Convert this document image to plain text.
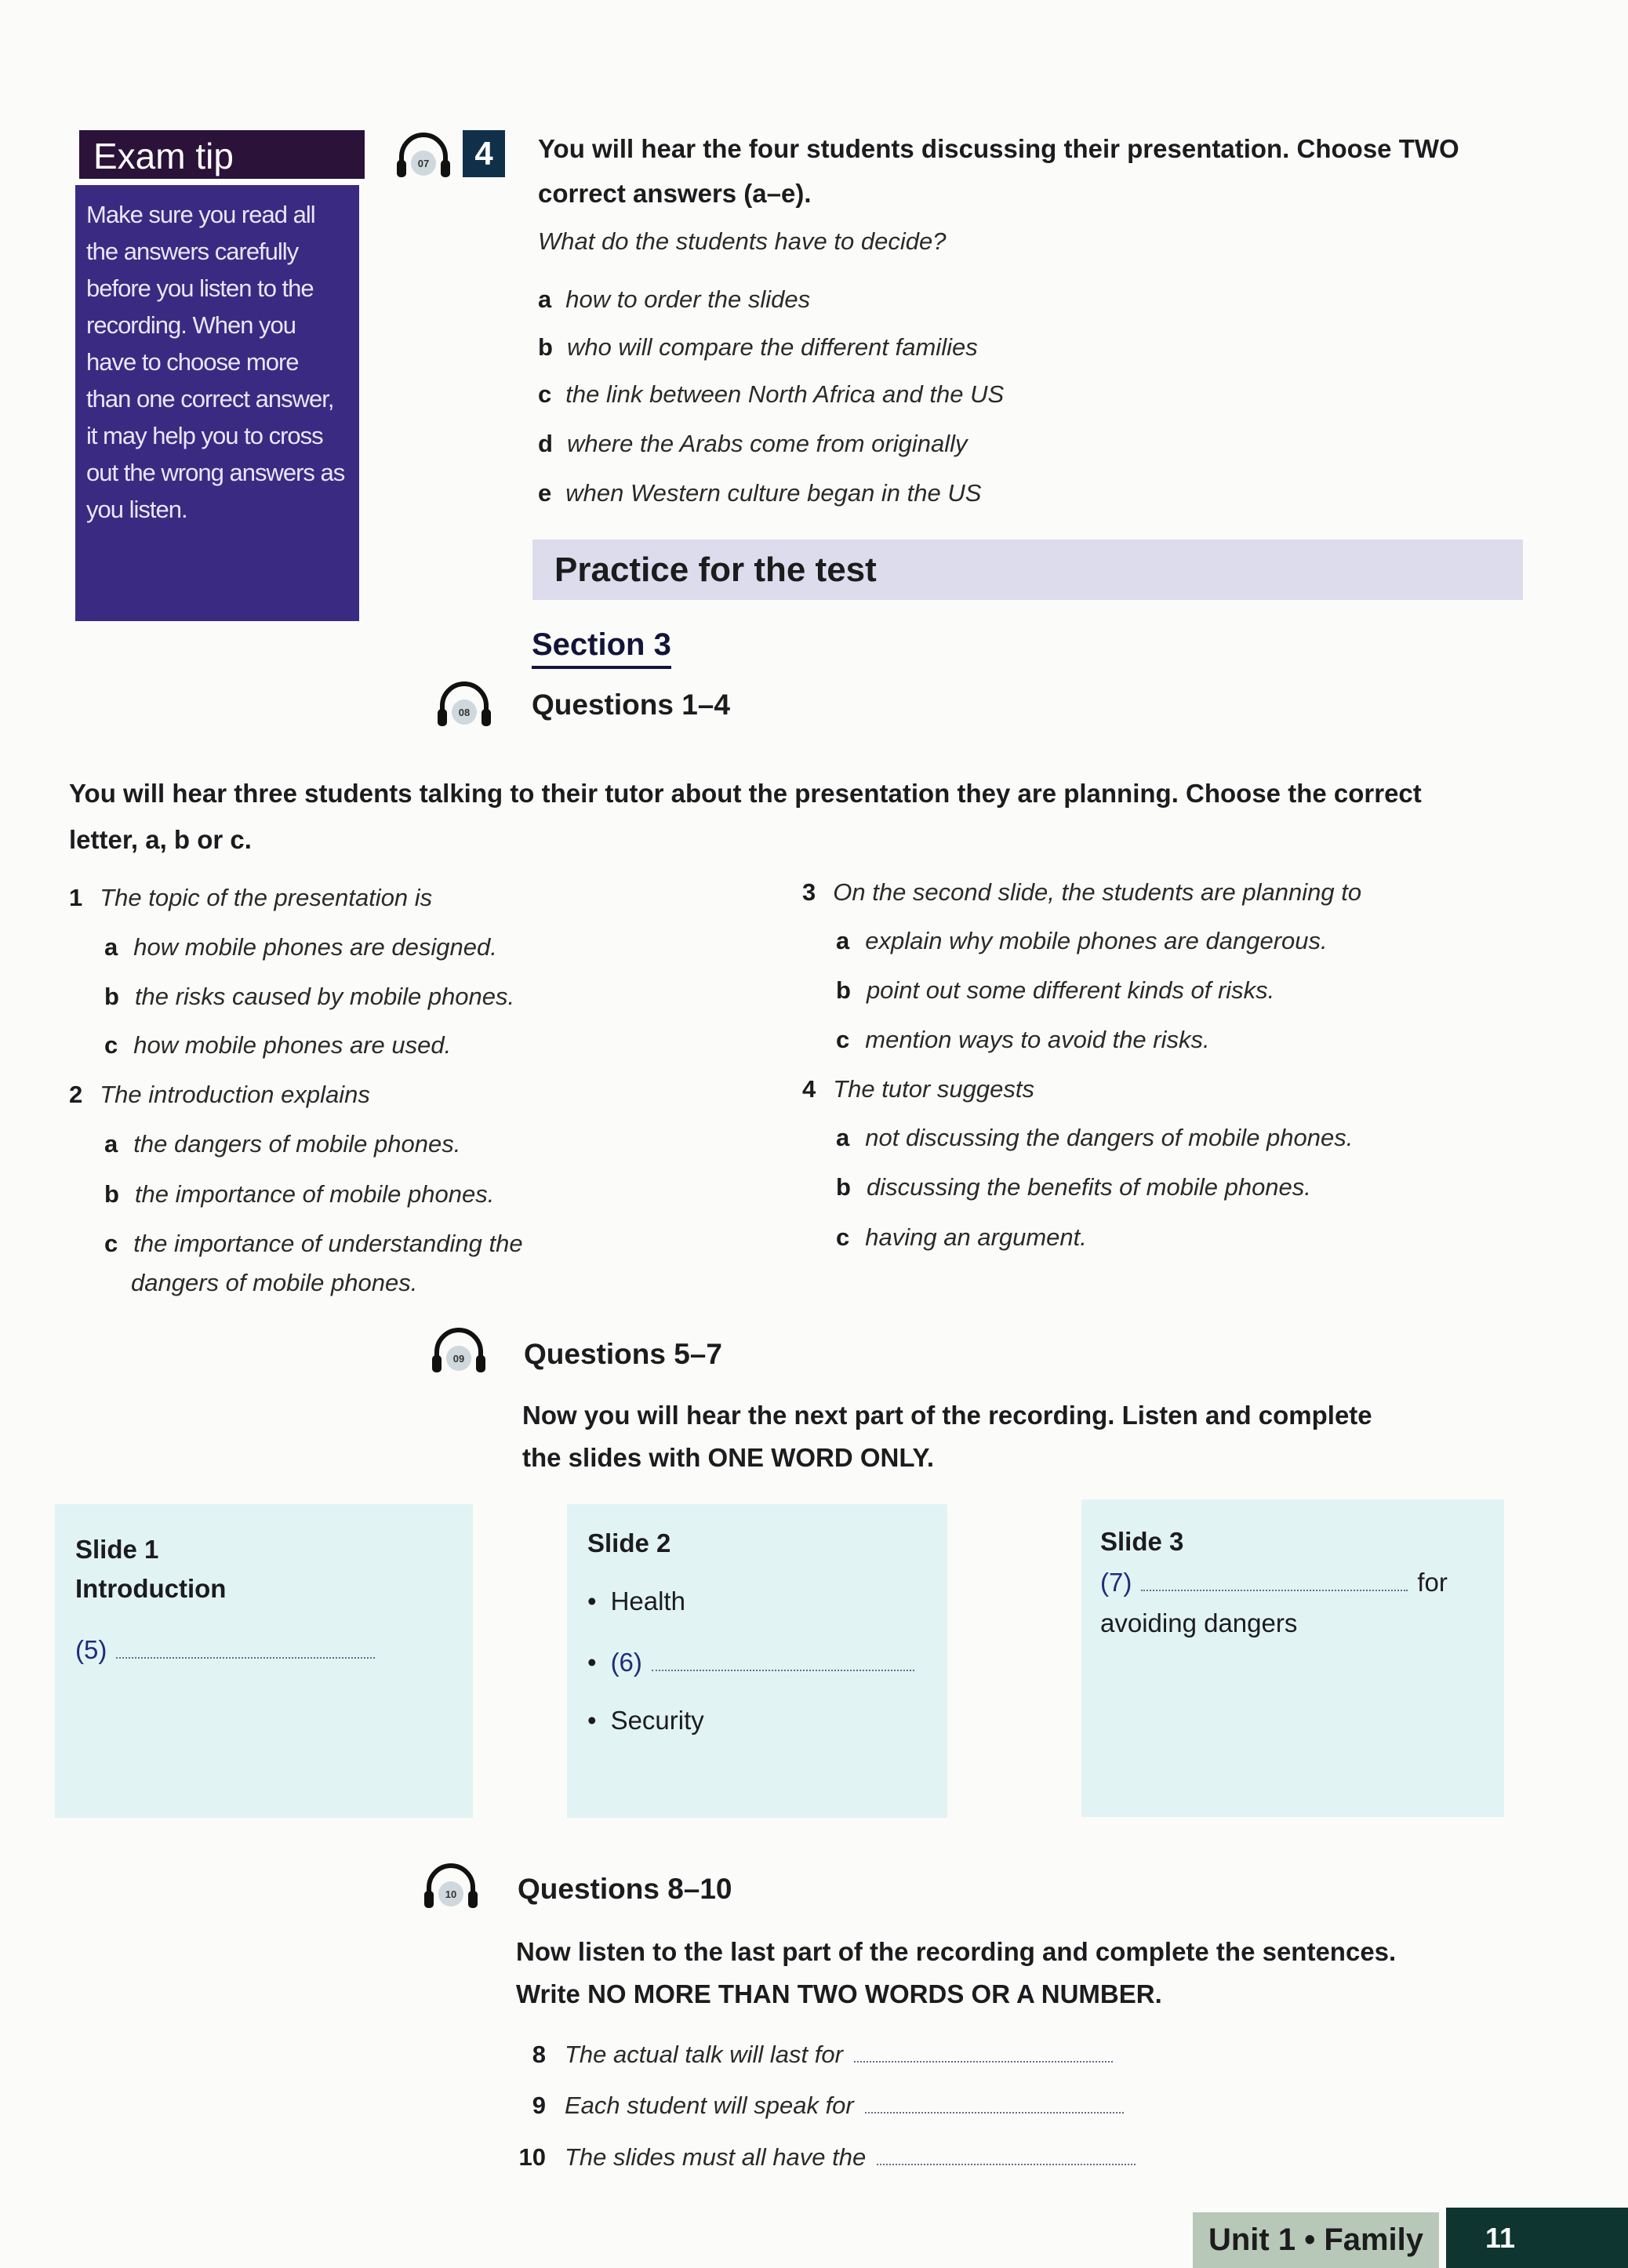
Exam tip
Make sure you read all the answers carefully before you listen to the recording. When you have to choose more than one correct answer, it may help you to cross out the wrong answers as you listen.
07	4	You will hear the four students discussing their presentation. Choose TWO
correct answers (a–e).
What do the students have to decide?
a how to order the slides
b who will compare the different families
c the link between North Africa and the US
d where the Arabs come from originally
e when Western culture began in the US
Practice for the test
Section 3
08 Questions 1–4
You will hear three students talking to their tutor about the presentation they are planning. Choose the correct
letter, a, b or c.
1 The topic of the presentation is
a how mobile phones are designed.
b the risks caused by mobile phones.
c how mobile phones are used.
2 The introduction explains
a the dangers of mobile phones.
b the importance of mobile phones.
c the importance of understanding the
dangers of mobile phones.
3 On the second slide, the students are planning to
a explain why mobile phones are dangerous.
b point out some different kinds of risks.
c mention ways to avoid the risks.
4 The tutor suggests
a not discussing the dangers of mobile phones.
b discussing the benefits of mobile phones.
c having an argument.
09 Questions 5–7
Now you will hear the next part of the recording. Listen and complete
the slides with ONE WORD ONLY.
Slide 1
Introduction
(5)
Slide 2
• Health
• (6)
• Security
Slide 3
(7)	for
avoiding dangers
10 Questions 8–10
Now listen to the last part of the recording and complete the sentences.
Write NO MORE THAN TWO WORDS OR A NUMBER.
8 The actual talk will last for
9 Each student will speak for
10 The slides must all have the
Unit 1 • Family	11
